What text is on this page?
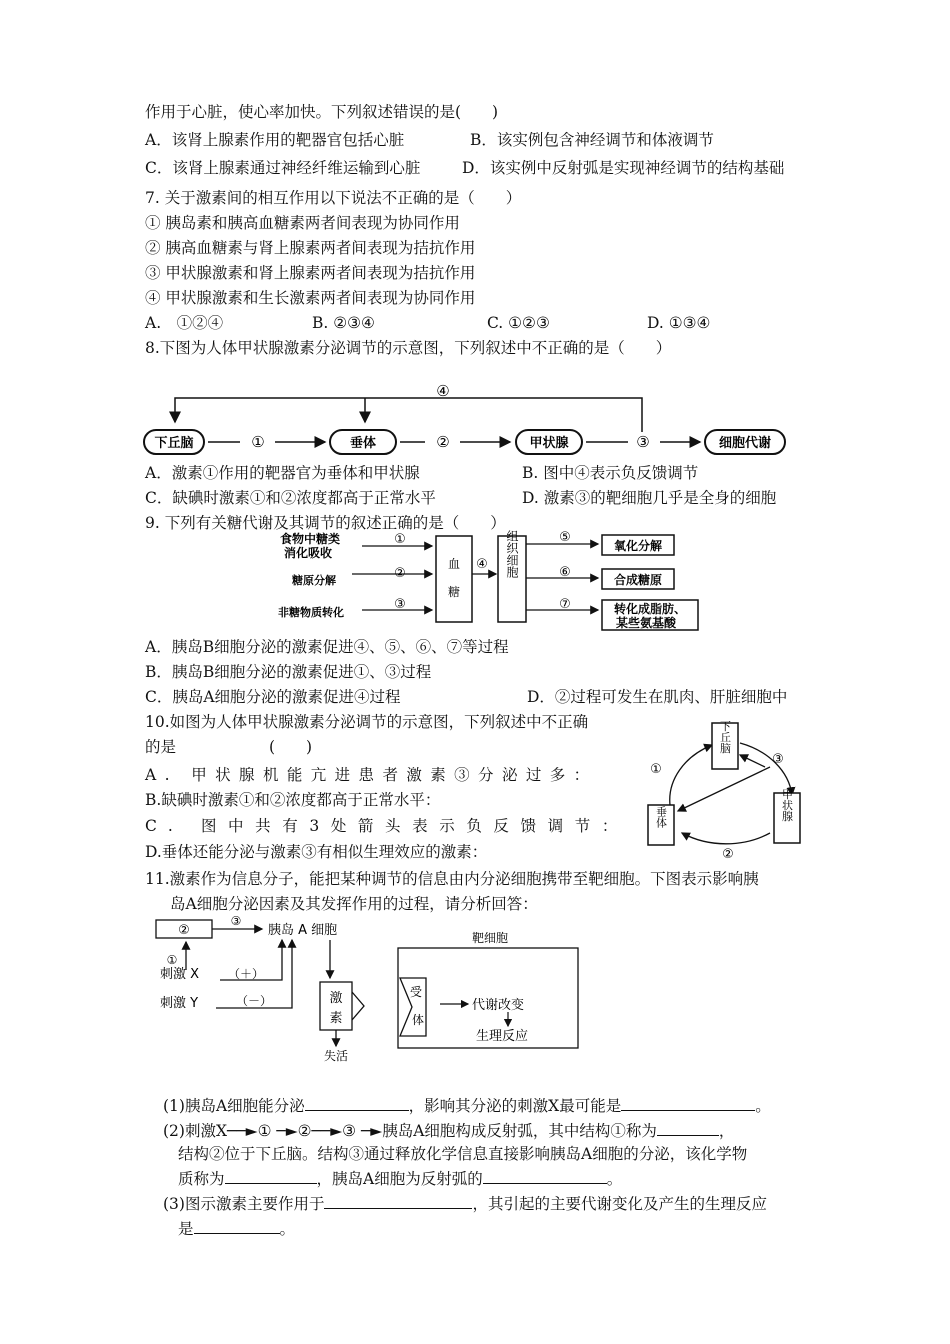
作用于心脏，使心率加快。下列叙述错误的是(　　)
A．该肾上腺素作用的靶器官包括心脏	B．该实例包含神经调节和体液调节
C．该肾上腺素通过神经纤维运输到心脏	D．该实例中反射弧是实现神经调节的结构基础
7. 关于激素间的相互作用以下说法不正确的是（　　）
① 胰岛素和胰高血糖素两者间表现为协同作用
② 胰高血糖素与肾上腺素两者间表现为拮抗作用
③ 甲状腺激素和肾上腺素两者间表现为拮抗作用
④ 甲状腺激素和生长激素两者间表现为协同作用
A.　①②④	B. ②③④	C. ①②③	D. ①③④
8.下图为人体甲状腺激素分泌调节的示意图，下列叙述中不正确的是（　　）
④
下丘脑	①	垂体	②	甲状腺	③	细胞代谢
A．激素①作用的靶器官为垂体和甲状腺	B. 图中④表示负反馈调节
C．缺碘时激素①和②浓度都高于正常水平	D. 激素③的靶细胞几乎是全身的细胞
9. 下列有关糖代谢及其调节的叙述正确的是（　　）
食物中糖类
消化吸收
糖原分解
非糖物质转化
①
②
③
血
糖
④ 组织细胞	⑤
⑥
⑦
氧化分解
合成糖原
转化成脂肪、
某些氨基酸
A．胰岛B细胞分泌的激素促进④、⑤、⑥、⑦等过程
B．胰岛B细胞分泌的激素促进①、③过程
C．胰岛A细胞分泌的激素促进④过程	D．②过程可发生在肌肉、肝脏细胞中
10.如图为人体甲状腺激素分泌调节的示意图，下列叙述中不正确
的是　　　　　　(　　)
A. 甲状腺机能亢进患者激素③分泌过多：
B.缺碘时激素①和②浓度都高于正常水平：
C. 图中共有3处箭头表示负反馈调节：
D.垂体还能分泌与激素③有相似生理效应的激素：
下丘脑
垂体	甲状腺
①
②
③
11.激素作为信息分子，能把某种调节的信息由内分泌细胞携带至靶细胞。下图表示影响胰
岛A细胞分泌因素及其发挥作用的过程，请分析回答：
②
③
胰岛 A 细胞
①
刺激 X （＋）
刺激 Y	（－）	激
素
失活
靶细胞
受
体
代谢改变
生理反应
(1)胰岛A细胞能分泌	，影响其分泌的刺激X最可能是	。
(2)刺激X──►① ─►②──►③ ─►胰岛A细胞构成反射弧，其中结构①称为	，
结构②位于下丘脑。结构③通过释放化学信息直接影响胰岛A细胞的分泌，该化学物
质称为	，胰岛A细胞为反射弧的	。
(3)图示激素主要作用于	，其引起的主要代谢变化及产生的生理反应
是	。
